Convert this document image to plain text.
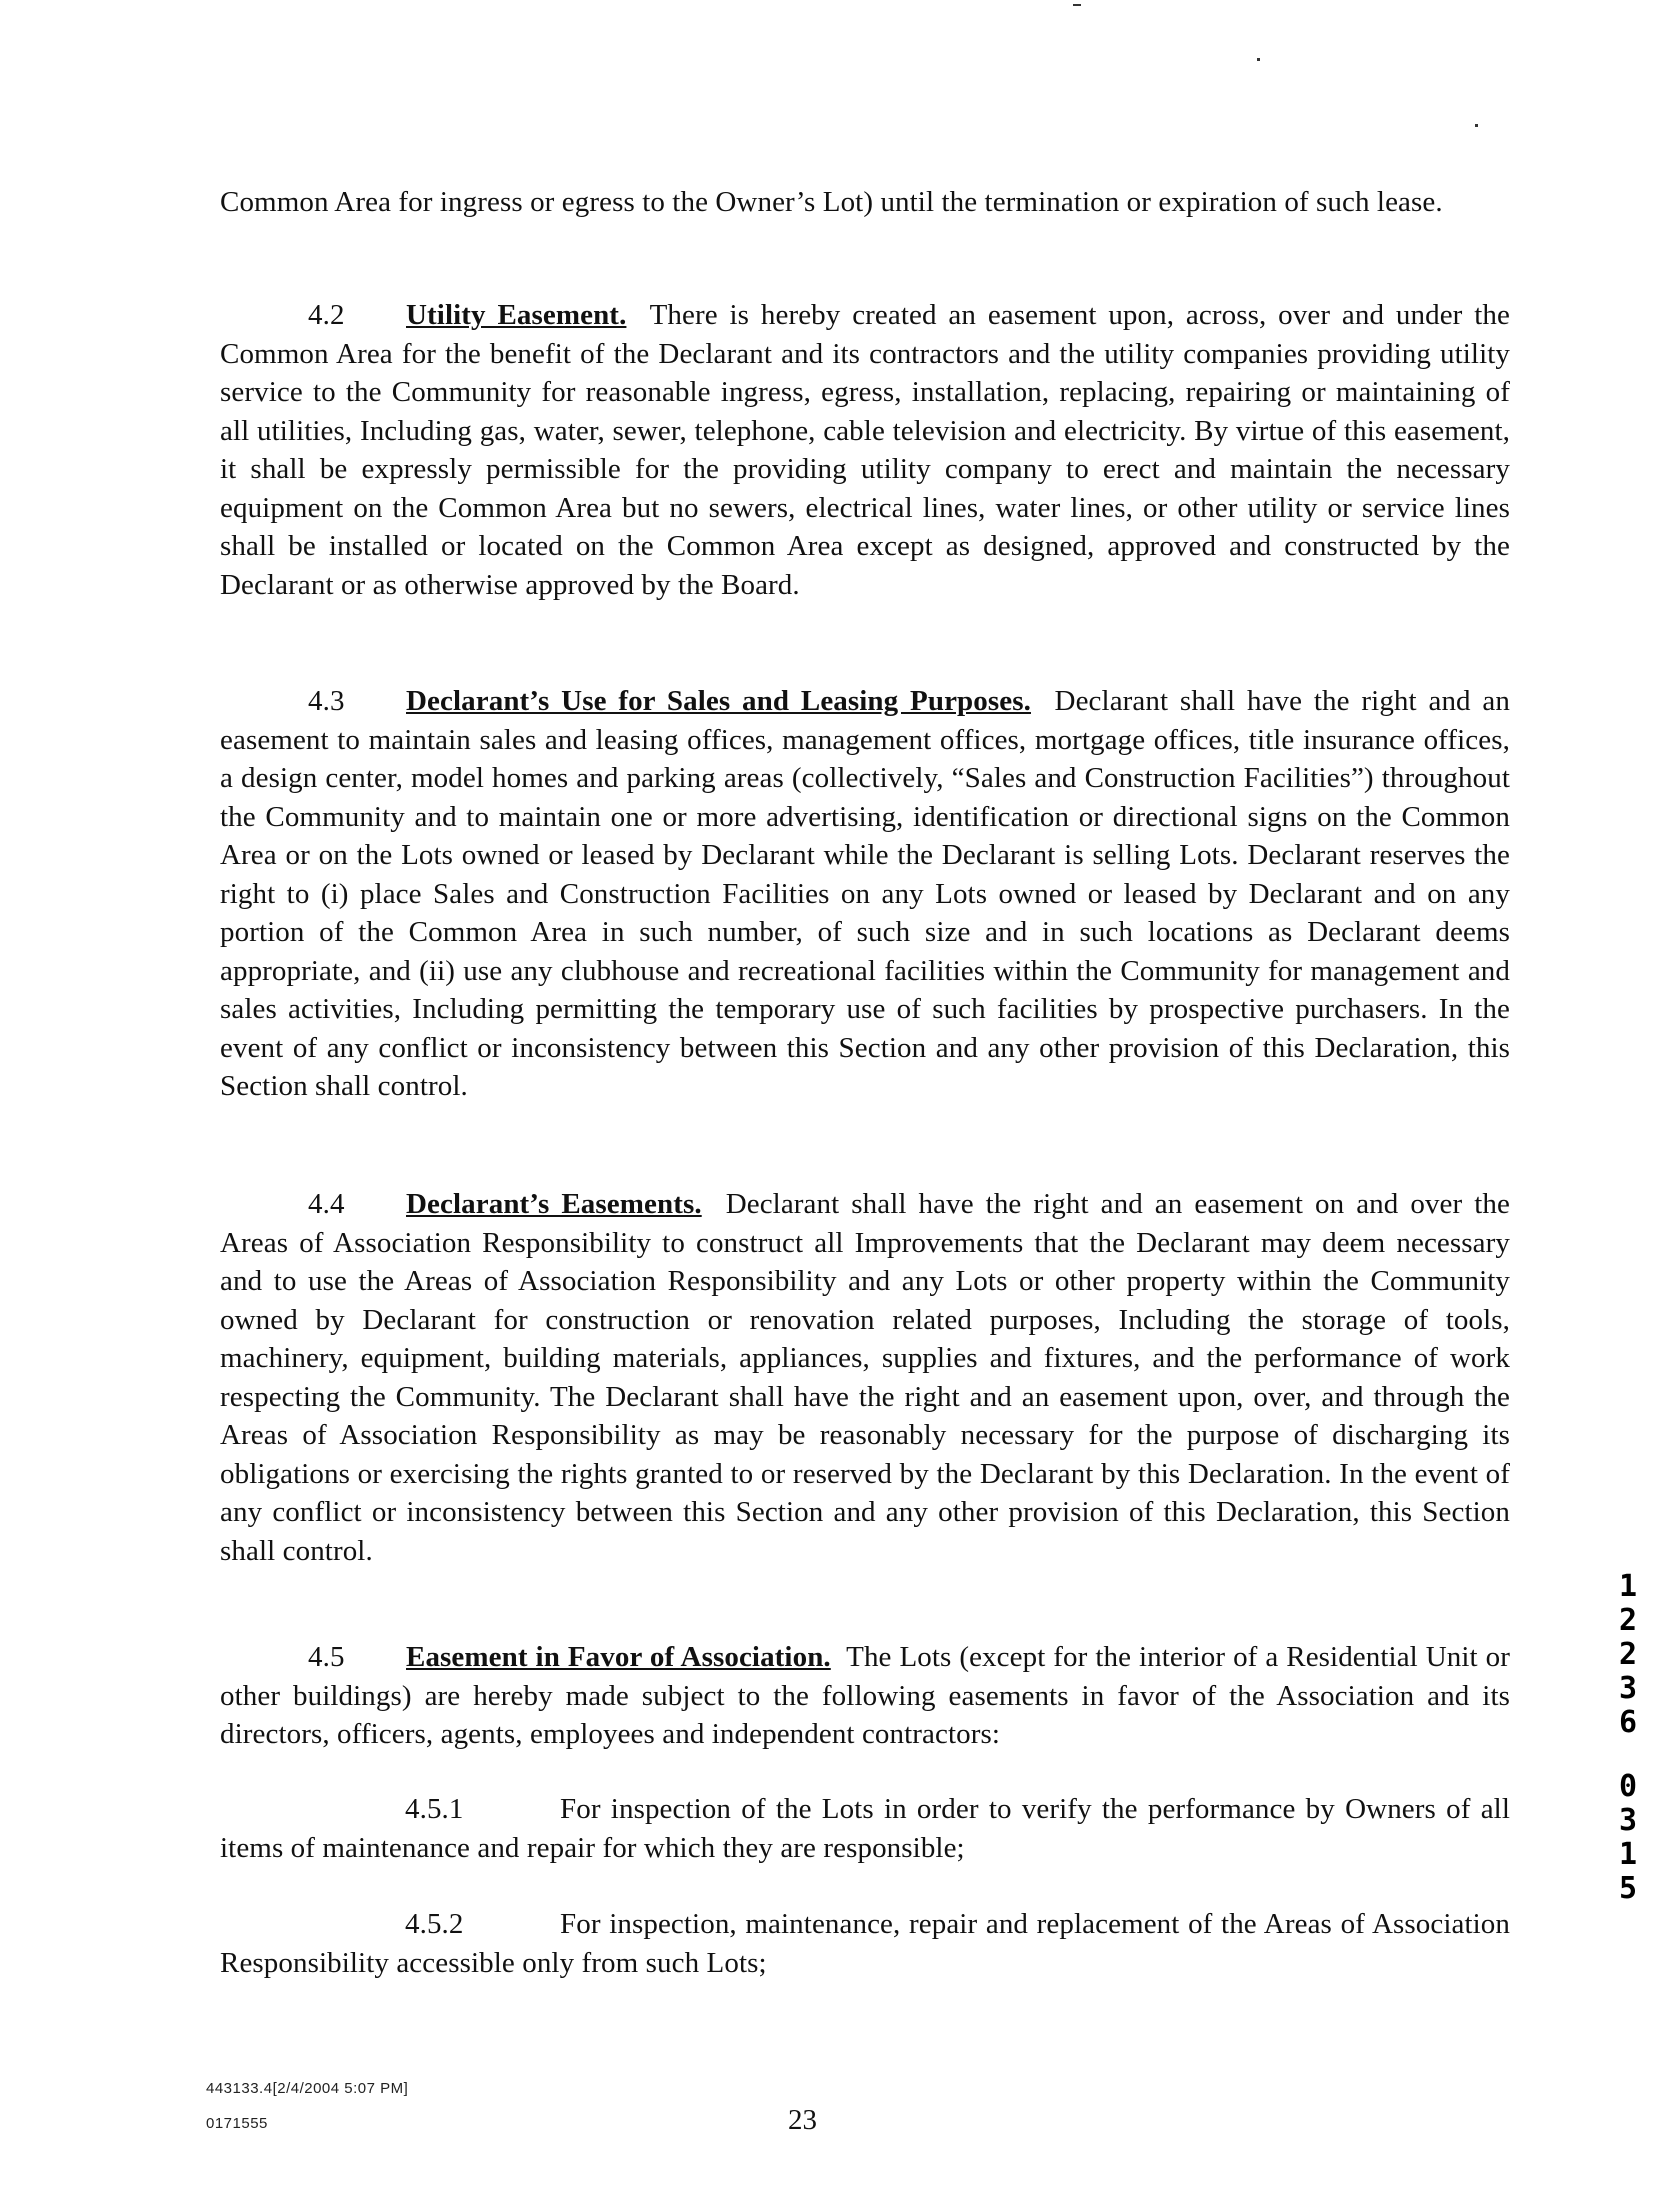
Common Area for ingress or egress to the Owner’s Lot) until the termination or expiration of such lease.

4.2 Utility Easement. There is hereby created an easement upon, across, over and under the Common Area for the benefit of the Declarant and its contractors and the utility companies providing utility service to the Community for reasonable ingress, egress, installation, replacing, repairing or maintaining of all utilities, Including gas, water, sewer, telephone, cable television and electricity. By virtue of this easement, it shall be expressly permissible for the providing utility company to erect and maintain the necessary equipment on the Common Area but no sewers, electrical lines, water lines, or other utility or service lines shall be installed or located on the Common Area except as designed, approved and constructed by the Declarant or as otherwise approved by the Board.

4.3 Declarant’s Use for Sales and Leasing Purposes. Declarant shall have the right and an easement to maintain sales and leasing offices, management offices, mortgage offices, title insurance offices, a design center, model homes and parking areas (collectively, “Sales and Construction Facilities”) throughout the Community and to maintain one or more advertising, identification or directional signs on the Common Area or on the Lots owned or leased by Declarant while the Declarant is selling Lots. Declarant reserves the right to (i) place Sales and Construction Facilities on any Lots owned or leased by Declarant and on any portion of the Common Area in such number, of such size and in such locations as Declarant deems appropriate, and (ii) use any clubhouse and recreational facilities within the Community for management and sales activities, Including permitting the temporary use of such facilities by prospective purchasers. In the event of any conflict or inconsistency between this Section and any other provision of this Declaration, this Section shall control.

4.4 Declarant’s Easements. Declarant shall have the right and an easement on and over the Areas of Association Responsibility to construct all Improvements that the Declarant may deem necessary and to use the Areas of Association Responsibility and any Lots or other property within the Community owned by Declarant for construction or renovation related purposes, Including the storage of tools, machinery, equipment, building materials, appliances, supplies and fixtures, and the performance of work respecting the Community. The Declarant shall have the right and an easement upon, over, and through the Areas of Association Responsibility as may be reasonably necessary for the purpose of discharging its obligations or exercising the rights granted to or reserved by the Declarant by this Declaration. In the event of any conflict or inconsistency between this Section and any other provision of this Declaration, this Section shall control.

4.5 Easement in Favor of Association. The Lots (except for the interior of a Residential Unit or other buildings) are hereby made subject to the following easements in favor of the Association and its directors, officers, agents, employees and independent contractors:

4.5.1	For inspection of the Lots in order to verify the performance by Owners of all items of maintenance and repair for which they are responsible;

4.5.2	For inspection, maintenance, repair and replacement of the Areas of Association Responsibility accessible only from such Lots;

443133.4[2/4/2004 5:07 PM]
0171555	23
1
2
2
3
6
0
3
1
5
